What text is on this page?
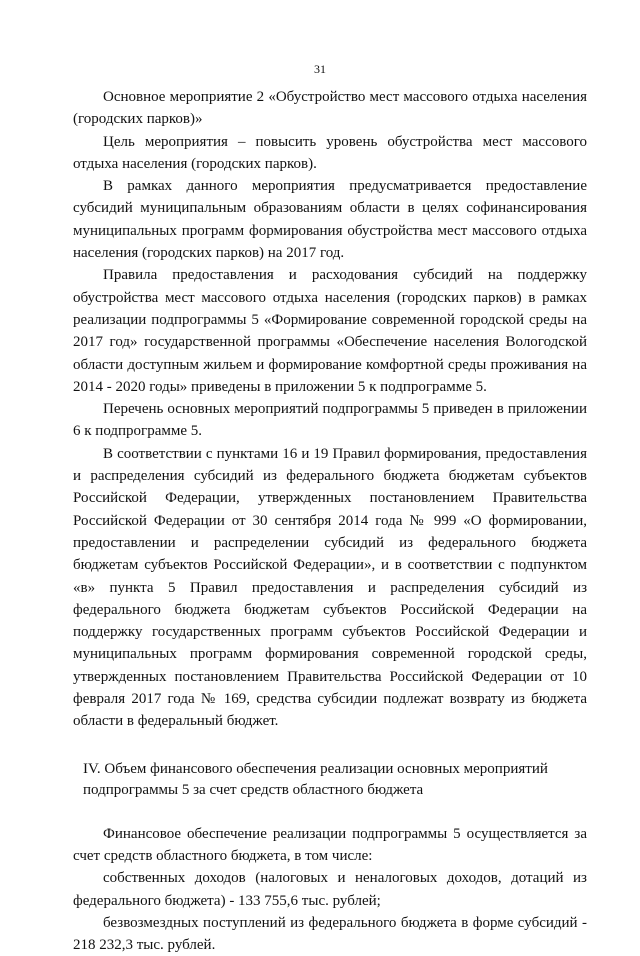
31

Основное мероприятие 2 «Обустройство мест массового отдыха населения (городских парков)»

Цель мероприятия – повысить уровень обустройства мест массового отдыха населения (городских парков).

В рамках данного мероприятия предусматривается предоставление субсидий муниципальным образованиям области в целях софинансирования муниципальных программ формирования обустройства мест массового отдыха населения (городских парков) на 2017 год.

Правила предоставления и расходования субсидий на поддержку обустройства мест массового отдыха населения (городских парков) в рамках реализации подпрограммы 5 «Формирование современной городской среды на 2017 год» государственной программы «Обеспечение населения Вологодской области доступным жильем и формирование комфортной среды проживания на 2014 - 2020 годы» приведены в приложении 5 к подпрограмме 5.

Перечень основных мероприятий подпрограммы 5 приведен в приложении 6 к подпрограмме 5.

В соответствии с пунктами 16 и 19 Правил формирования, предоставления и распределения субсидий из федерального бюджета бюджетам субъектов Российской Федерации, утвержденных постановлением Правительства Российской Федерации от 30 сентября 2014 года № 999 «О формировании, предоставлении и распределении субсидий из федерального бюджета бюджетам субъектов Российской Федерации», и в соответствии с подпунктом «в» пункта 5 Правил предоставления и распределения субсидий из федерального бюджета бюджетам субъектов Российской Федерации на поддержку государственных программ субъектов Российской Федерации и муниципальных программ формирования современной городской среды, утвержденных постановлением Правительства Российской Федерации от 10 февраля 2017 года № 169, средства субсидии подлежат возврату из бюджета области в федеральный бюджет.

IV. Объем финансового обеспечения реализации основных мероприятий
подпрограммы 5 за счет средств областного бюджета

Финансовое обеспечение реализации подпрограммы 5 осуществляется за счет средств областного бюджета, в том числе:

собственных доходов (налоговых и неналоговых доходов, дотаций из федерального бюджета) - 133 755,6 тыс. рублей;

безвозмездных поступлений из федерального бюджета в форме субсидий - 218 232,3 тыс. рублей.
